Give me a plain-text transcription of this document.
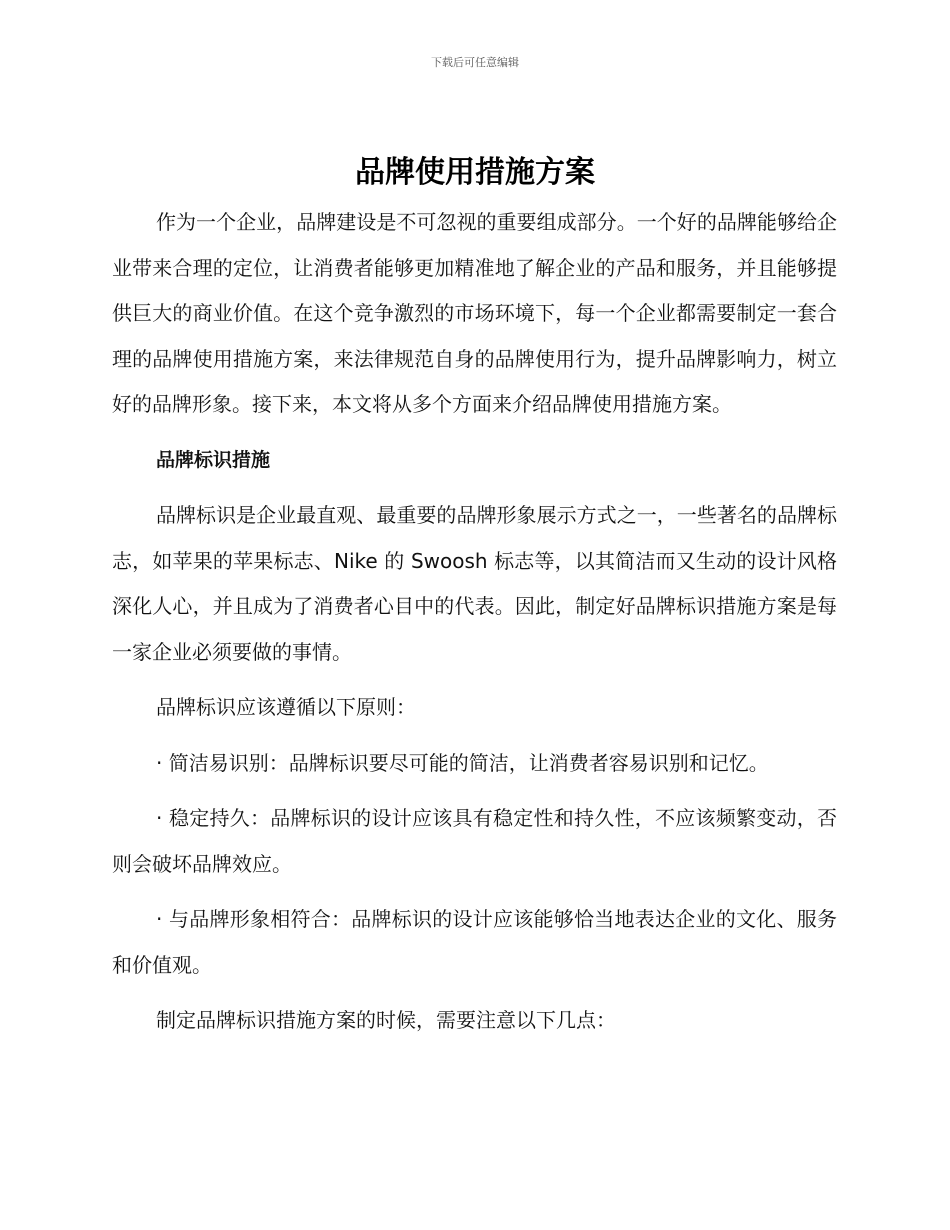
下载后可任意编辑
品牌使用措施方案

作为一个企业，品牌建设是不可忽视的重要组成部分。一个好的品牌能够给企业带来合理的定位，让消费者能够更加精准地了解企业的产品和服务，并且能够提供巨大的商业价值。在这个竞争激烈的市场环境下，每一个企业都需要制定一套合理的品牌使用措施方案，来法律规范自身的品牌使用行为，提升品牌影响力，树立好的品牌形象。接下来，本文将从多个方面来介绍品牌使用措施方案。

品牌标识措施

品牌标识是企业最直观、最重要的品牌形象展示方式之一，一些著名的品牌标志，如苹果的苹果标志、Nike 的 Swoosh 标志等，以其简洁而又生动的设计风格深化人心，并且成为了消费者心目中的代表。因此，制定好品牌标识措施方案是每一家企业必须要做的事情。

品牌标识应该遵循以下原则：

· 简洁易识别：品牌标识要尽可能的简洁，让消费者容易识别和记忆。

· 稳定持久：品牌标识的设计应该具有稳定性和持久性，不应该频繁变动，否则会破坏品牌效应。

· 与品牌形象相符合：品牌标识的设计应该能够恰当地表达企业的文化、服务和价值观。

制定品牌标识措施方案的时候，需要注意以下几点：
